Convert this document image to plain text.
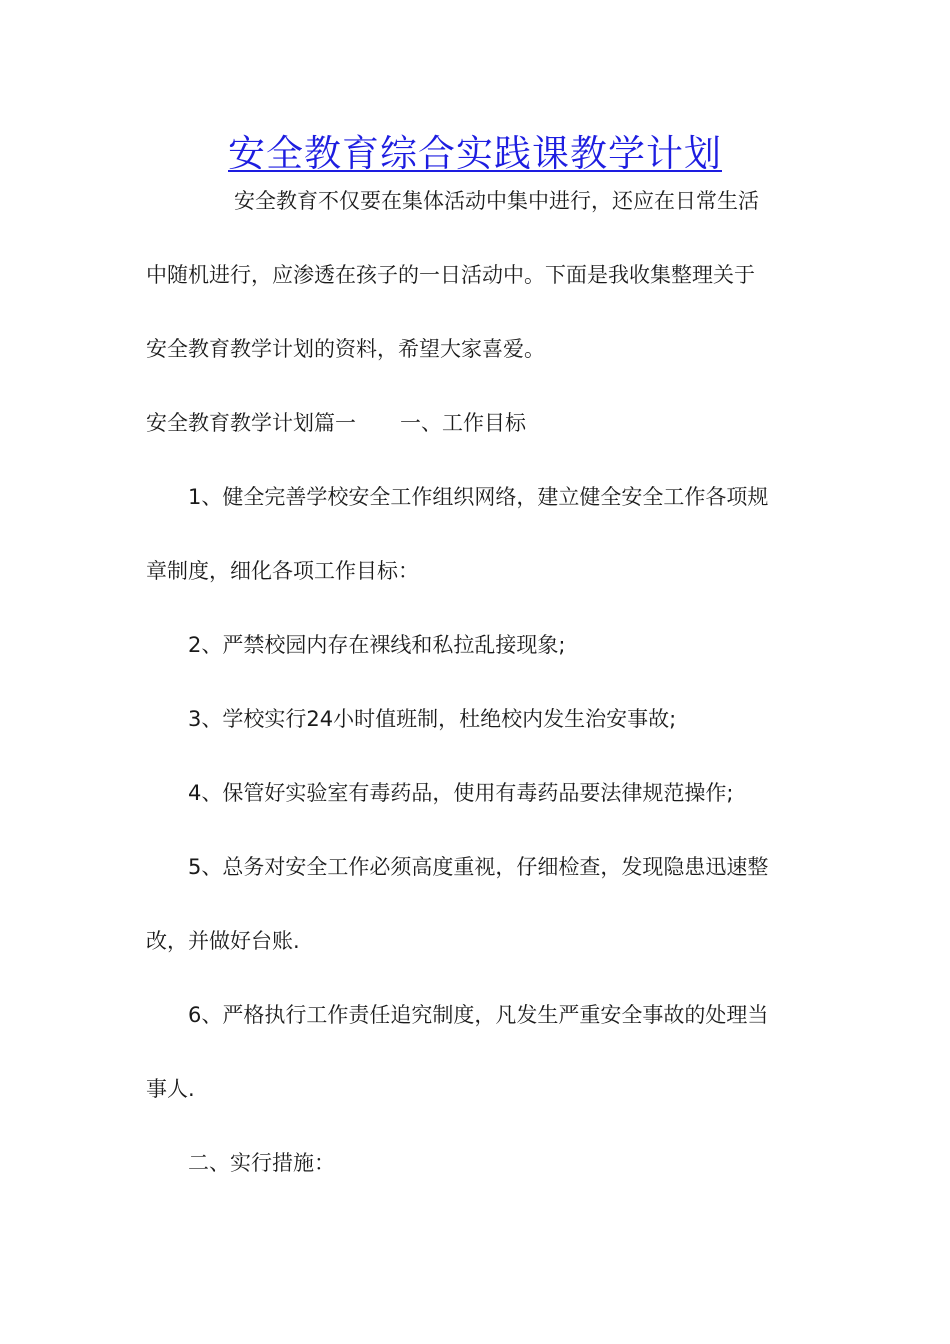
安全教育综合实践课教学计划

安全教育不仅要在集体活动中集中进行，还应在日常生活

中随机进行，应渗透在孩子的一日活动中。下面是我收集整理关于

安全教育教学计划的资料，希望大家喜爱。

安全教育教学计划篇一 一、工作目标

1、健全完善学校安全工作组织网络，建立健全安全工作各项规

章制度，细化各项工作目标：

2、严禁校园内存在裸线和私拉乱接现象;

3、学校实行24小时值班制，杜绝校内发生治安事故;

4、保管好实验室有毒药品，使用有毒药品要法律规范操作;

5、总务对安全工作必须高度重视，仔细检查，发现隐患迅速整

改，并做好台账.

6、严格执行工作责任追究制度，凡发生严重安全事故的处理当

事人.

二、实行措施：
